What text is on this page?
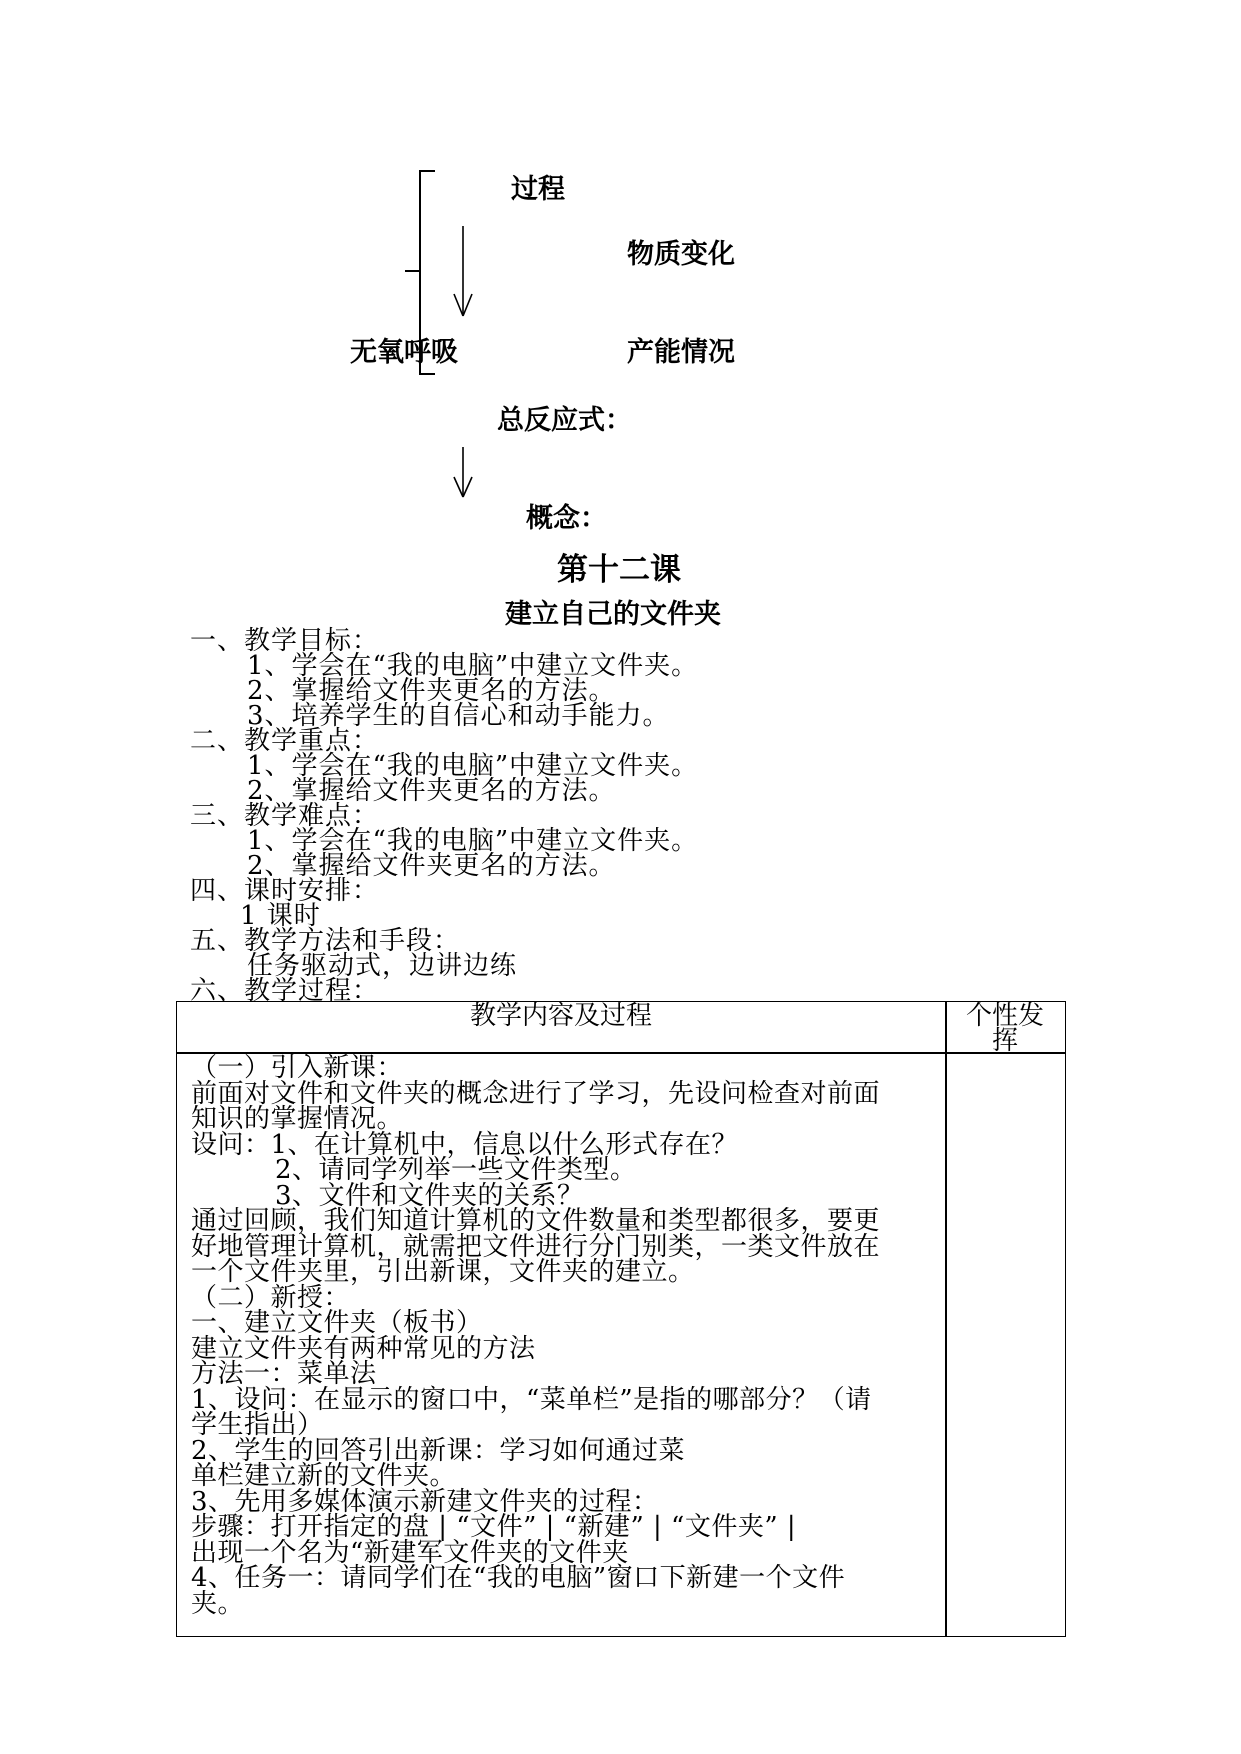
过程
物质变化
无氧呼吸	产能情况
总反应式：
概念：
第十二课
建立自己的文件夹
一、教学目标：
1、学会在“我的电脑”中建立文件夹。
2、掌握给文件夹更名的方法。
3、培养学生的自信心和动手能力。
二、教学重点：
1、学会在“我的电脑”中建立文件夹。
2、掌握给文件夹更名的方法。
三、教学难点：
1、学会在“我的电脑”中建立文件夹。
2、掌握给文件夹更名的方法。
四、课时安排：
1 课时
五、教学方法和手段：
任务驱动式，边讲边练
六、教学过程：
教学内容及过程	个性发
挥
（一）引入新课：
前面对文件和文件夹的概念进行了学习，先设问检查对前面
知识的掌握情况。
设问：1、在计算机中，信息以什么形式存在？
2、请同学列举一些文件类型。
3、文件和文件夹的关系？
通过回顾，我们知道计算机的文件数量和类型都很多，要更
好地管理计算机，就需把文件进行分门别类，一类文件放在
一个文件夹里，引出新课，文件夹的建立。
（二）新授：
一、建立文件夹（板书）
建立文件夹有两种常见的方法
方法一：菜单法
1、设问：在显示的窗口中，“菜单栏”是指的哪部分？（请
学生指出）
2、学生的回答引出新课：学习如何通过菜
单栏建立新的文件夹。
3、先用多媒体演示新建文件夹的过程：
步骤：打开指定的盘 | “文件” | “新建” | “文件夹” |
出现一个名为“新建军文件夹的文件夹
4、任务一：请同学们在“我的电脑”窗口下新建一个文件
夹。
